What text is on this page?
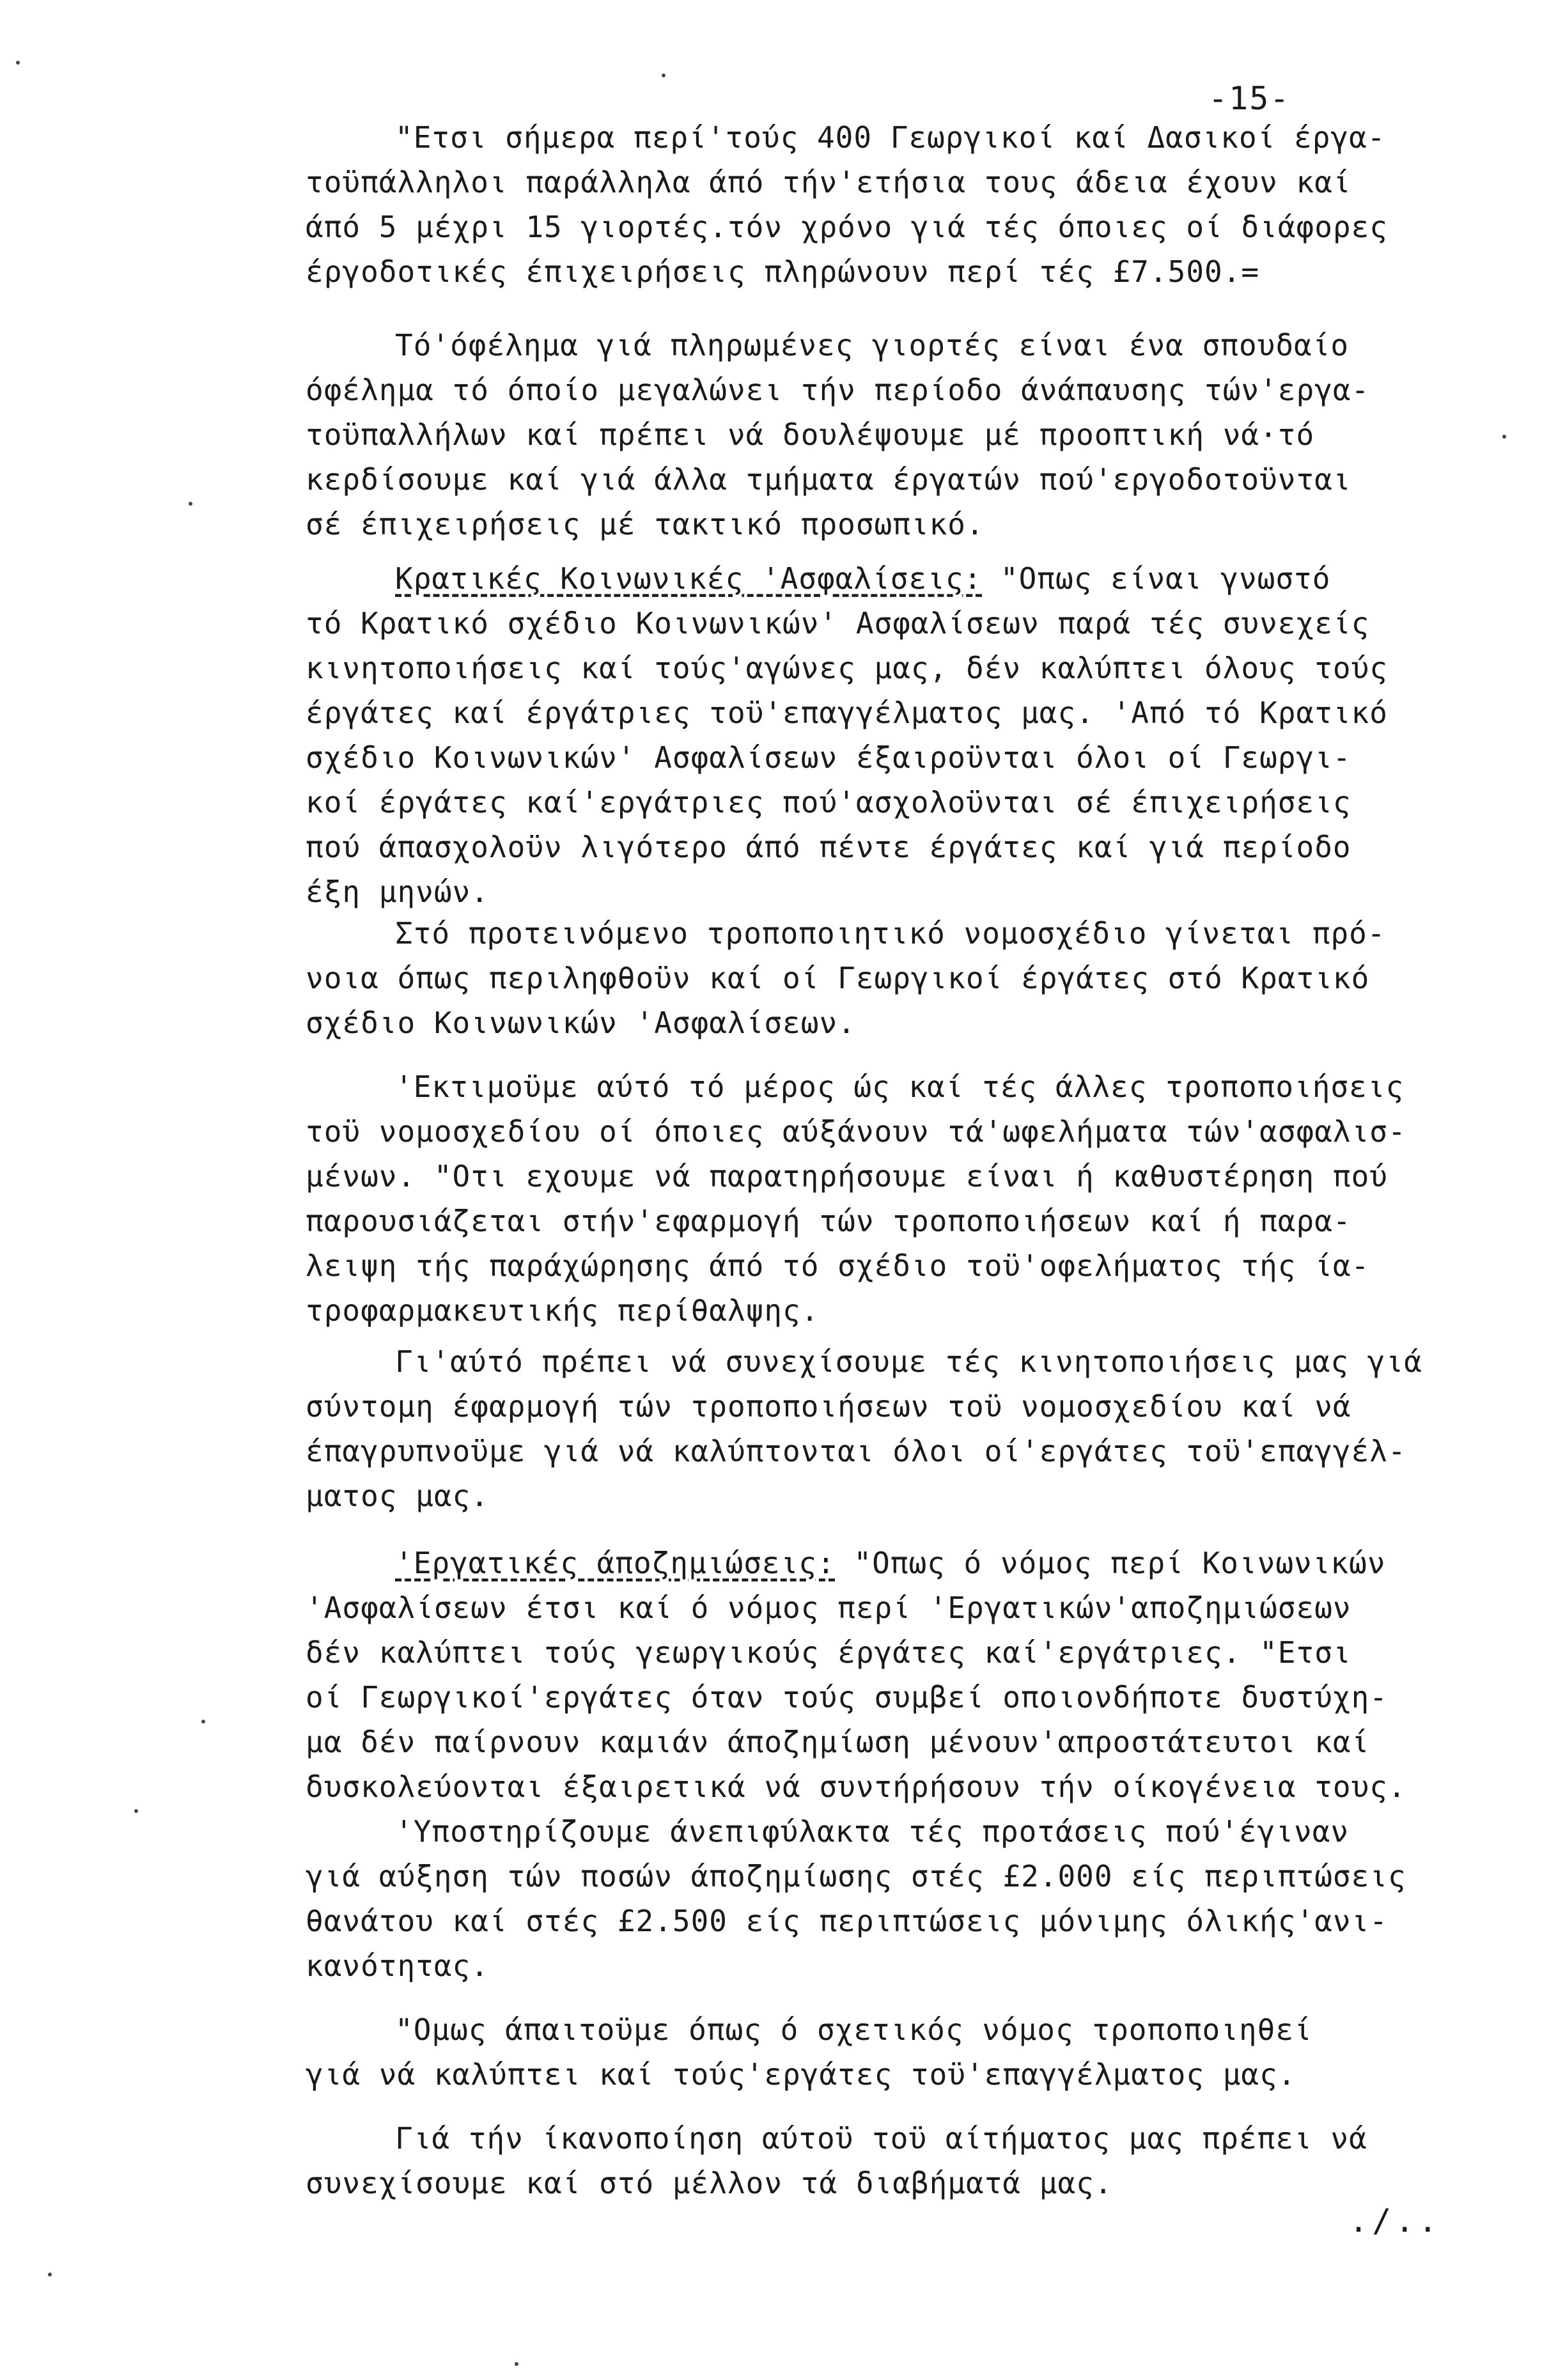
-15-
"Ετσι σήμερα περί'τούς 400 Γεωργικοί καί Δασικοί έργα-
τοϋπάλληλοι παράλληλα άπό τήν'ετήσια τους άδεια έχουν καί
άπό 5 μέχρι 15 γιορτές.τόν χρόνο γιά τές όποιες οί διάφορες
έργοδοτικές έπιχειρήσεις πληρώνουν περί τές £7.500.=
Τό'όφέλημα γιά πληρωμένες γιορτές είναι ένα σπουδαίο
όφέλημα τό όποίο μεγαλώνει τήν περίοδο άνάπαυσης τών'εργα-
τοϋπαλλήλων καί πρέπει νά δουλέψουμε μέ προοπτική νά·τό
κερδίσουμε καί γιά άλλα τμήματα έργατών πού'εργοδοτοϋνται
σέ έπιχειρήσεις μέ τακτικό προσωπικό.
Κρατικές Κοινωνικές 'Ασφαλίσεις: "Οπως είναι γνωστό
τό Κρατικό σχέδιο Κοινωνικών' Ασφαλίσεων παρά τές συνεχείς
κινητοποιήσεις καί τούς'αγώνες μας, δέν καλύπτει όλους τούς
έργάτες καί έργάτριες τοϋ'επαγγέλματος μας. 'Από τό Κρατικό
σχέδιο Κοινωνικών' Ασφαλίσεων έξαιροϋνται όλοι οί Γεωργι-
κοί έργάτες καί'εργάτριες πού'ασχολοϋνται σέ έπιχειρήσεις
πού άπασχολοϋν λιγότερο άπό πέντε έργάτες καί γιά περίοδο
έξη μηνών.
Στό προτεινόμενο τροποποιητικό νομοσχέδιο γίνεται πρό-
νοια όπως περιληφθοϋν καί οί Γεωργικοί έργάτες στό Κρατικό
σχέδιο Κοινωνικών 'Ασφαλίσεων.
'Εκτιμοϋμε αύτό τό μέρος ώς καί τές άλλες τροποποιήσεις
τοϋ νομοσχεδίου οί όποιες αύξάνουν τά'ωφελήματα τών'ασφαλισ-
μένων. "Οτι εχουμε νά παρατηρήσουμε είναι ή καθυστέρηση πού
παρουσιάζεται στήν'εφαρμογή τών τροποποιήσεων καί ή παρα-
λειψη τής παράχώρησης άπό τό σχέδιο τοϋ'οφελήματος τής ία-
τροφαρμακευτικής περίθαλψης.
Γι'αύτό πρέπει νά συνεχίσουμε τές κινητοποιήσεις μας γιά
σύντομη έφαρμογή τών τροποποιήσεων τοϋ νομοσχεδίου καί νά
έπαγρυπνοϋμε γιά νά καλύπτονται όλοι οί'εργάτες τοϋ'επαγγέλ-
ματος μας.
'Εργατικές άποζημιώσεις: "Οπως ό νόμος περί Κοινωνικών
'Ασφαλίσεων έτσι καί ό νόμος περί 'Εργατικών'αποζημιώσεων
δέν καλύπτει τούς γεωργικούς έργάτες καί'εργάτριες. "Ετσι
οί Γεωργικοί'εργάτες όταν τούς συμβεί οποιονδήποτε δυστύχη-
μα δέν παίρνουν καμιάν άποζημίωση μένουν'απροστάτευτοι καί
δυσκολεύονται έξαιρετικά νά συντήρήσουν τήν οίκογένεια τους.
'Υποστηρίζουμε άνεπιφύλακτα τές προτάσεις πού'έγιναν
γιά αύξηση τών ποσών άποζημίωσης στές £2.000 είς περιπτώσεις
θανάτου καί στές £2.500 είς περιπτώσεις μόνιμης όλικής'ανι-
κανότητας.
"Ομως άπαιτοϋμε όπως ό σχετικός νόμος τροποποιηθεί
γιά νά καλύπτει καί τούς'εργάτες τοϋ'επαγγέλματος μας.
Γιά τήν ίκανοποίηση αύτοϋ τοϋ αίτήματος μας πρέπει νά
συνεχίσουμε καί στό μέλλον τά διαβήματά μας.
./..
